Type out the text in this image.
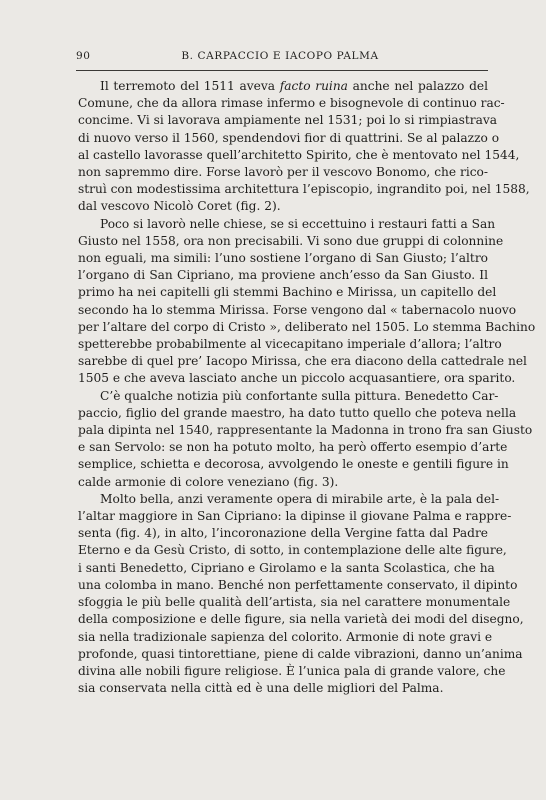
90	B. CARPACCIO E IACOPO PALMA

Il terremoto del 1511 aveva facto ruina anche nel palazzo del
Comune, che da allora rimase infermo e bisognevole di continuo rac-
concime. Vi si lavorava ampiamente nel 1531; poi lo si rimpiastrava
di nuovo verso il 1560, spendendovi fior di quattrini. Se al palazzo o
al castello lavorasse quell’architetto Spirito, che è mentovato nel 1544,
non sapremmo dire. Forse lavorò per il vescovo Bonomo, che rico-
struì con modestissima architettura l’episcopio, ingrandito poi, nel 1588,
dal vescovo Nicolò Coret (fig. 2).

Poco si lavorò nelle chiese, se si eccettuino i restauri fatti a San
Giusto nel 1558, ora non precisabili. Vi sono due gruppi di colonnine
non eguali, ma simili: l’uno sostiene l’organo di San Giusto; l’altro
l’organo di San Cipriano, ma proviene anch’esso da San Giusto. Il
primo ha nei capitelli gli stemmi Bachino e Mirissa, un capitello del
secondo ha lo stemma Mirissa. Forse vengono dal « tabernacolo nuovo
per l’altare del corpo di Cristo », deliberato nel 1505. Lo stemma Bachino
spetterebbe probabilmente al vicecapitano imperiale d’allora; l’altro
sarebbe di quel pre’ Iacopo Mirissa, che era diacono della cattedrale nel
1505 e che aveva lasciato anche un piccolo acquasantiere, ora sparito.

C’è qualche notizia più confortante sulla pittura. Benedetto Car-
paccio, figlio del grande maestro, ha dato tutto quello che poteva nella
pala dipinta nel 1540, rappresentante la Madonna in trono fra san Giusto
e san Servolo: se non ha potuto molto, ha però offerto esempio d’arte
semplice, schietta e decorosa, avvolgendo le oneste e gentili figure in
calde armonie di colore veneziano (fig. 3).

Molto bella, anzi veramente opera di mirabile arte, è la pala del-
l’altar maggiore in San Cipriano: la dipinse il giovane Palma e rappre-
senta (fig. 4), in alto, l’incoronazione della Vergine fatta dal Padre
Eterno e da Gesù Cristo, di sotto, in contemplazione delle alte figure,
i santi Benedetto, Cipriano e Girolamo e la santa Scolastica, che ha
una colomba in mano. Benché non perfettamente conservato, il dipinto
sfoggia le più belle qualità dell’artista, sia nel carattere monumentale
della composizione e delle figure, sia nella varietà dei modi del disegno,
sia nella tradizionale sapienza del colorito. Armonie di note gravi e
profonde, quasi tintorettiane, piene di calde vibrazioni, danno un’anima
divina alle nobili figure religiose. È l’unica pala di grande valore, che
sia conservata nella città ed è una delle migliori del Palma.
